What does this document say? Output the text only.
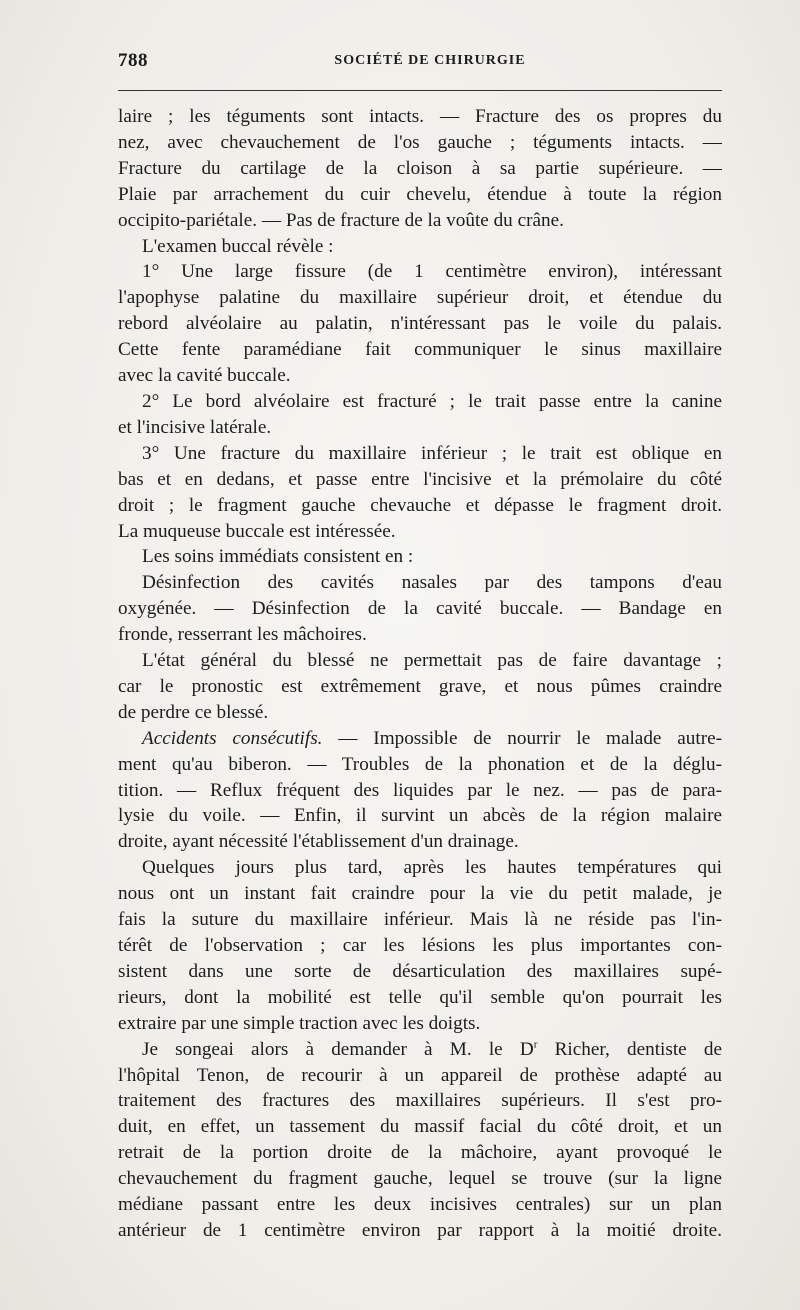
788	SOCIÉTÉ DE CHIRURGIE
laire ; les téguments sont intacts. — Fracture des os propres du
nez, avec chevauchement de l'os gauche ; téguments intacts. —
Fracture du cartilage de la cloison à sa partie supérieure. —
Plaie par arrachement du cuir chevelu, étendue à toute la région
occipito-pariétale. — Pas de fracture de la voûte du crâne.
L'examen buccal révèle :
1° Une large fissure (de 1 centimètre environ), intéressant
l'apophyse palatine du maxillaire supérieur droit, et étendue du
rebord alvéolaire au palatin, n'intéressant pas le voile du palais.
Cette fente paramédiane fait communiquer le sinus maxillaire
avec la cavité buccale.
2° Le bord alvéolaire est fracturé ; le trait passe entre la canine
et l'incisive latérale.
3° Une fracture du maxillaire inférieur ; le trait est oblique en
bas et en dedans, et passe entre l'incisive et la prémolaire du côté
droit ; le fragment gauche chevauche et dépasse le fragment droit.
La muqueuse buccale est intéressée.
Les soins immédiats consistent en :
Désinfection des cavités nasales par des tampons d'eau
oxygénée. — Désinfection de la cavité buccale. — Bandage en
fronde, resserrant les mâchoires.
L'état général du blessé ne permettait pas de faire davantage ;
car le pronostic est extrêmement grave, et nous pûmes craindre
de perdre ce blessé.
Accidents consécutifs. — Impossible de nourrir le malade autre-
ment qu'au biberon. — Troubles de la phonation et de la déglu-
tition. — Reflux fréquent des liquides par le nez. — pas de para-
lysie du voile. — Enfin, il survint un abcès de la région malaire
droite, ayant nécessité l'établissement d'un drainage.
Quelques jours plus tard, après les hautes températures qui
nous ont un instant fait craindre pour la vie du petit malade, je
fais la suture du maxillaire inférieur. Mais là ne réside pas l'in-
térêt de l'observation ; car les lésions les plus importantes con-
sistent dans une sorte de désarticulation des maxillaires supé-
rieurs, dont la mobilité est telle qu'il semble qu'on pourrait les
extraire par une simple traction avec les doigts.
Je songeai alors à demander à M. le $D^r$ Richer, dentiste de
l'hôpital Tenon, de recourir à un appareil de prothèse adapté au
traitement des fractures des maxillaires supérieurs. Il s'est pro-
duit, en effet, un tassement du massif facial du côté droit, et un
retrait de la portion droite de la mâchoire, ayant provoqué le
chevauchement du fragment gauche, lequel se trouve (sur la ligne
médiane passant entre les deux incisives centrales) sur un plan
antérieur de 1 centimètre environ par rapport à la moitié droite.
